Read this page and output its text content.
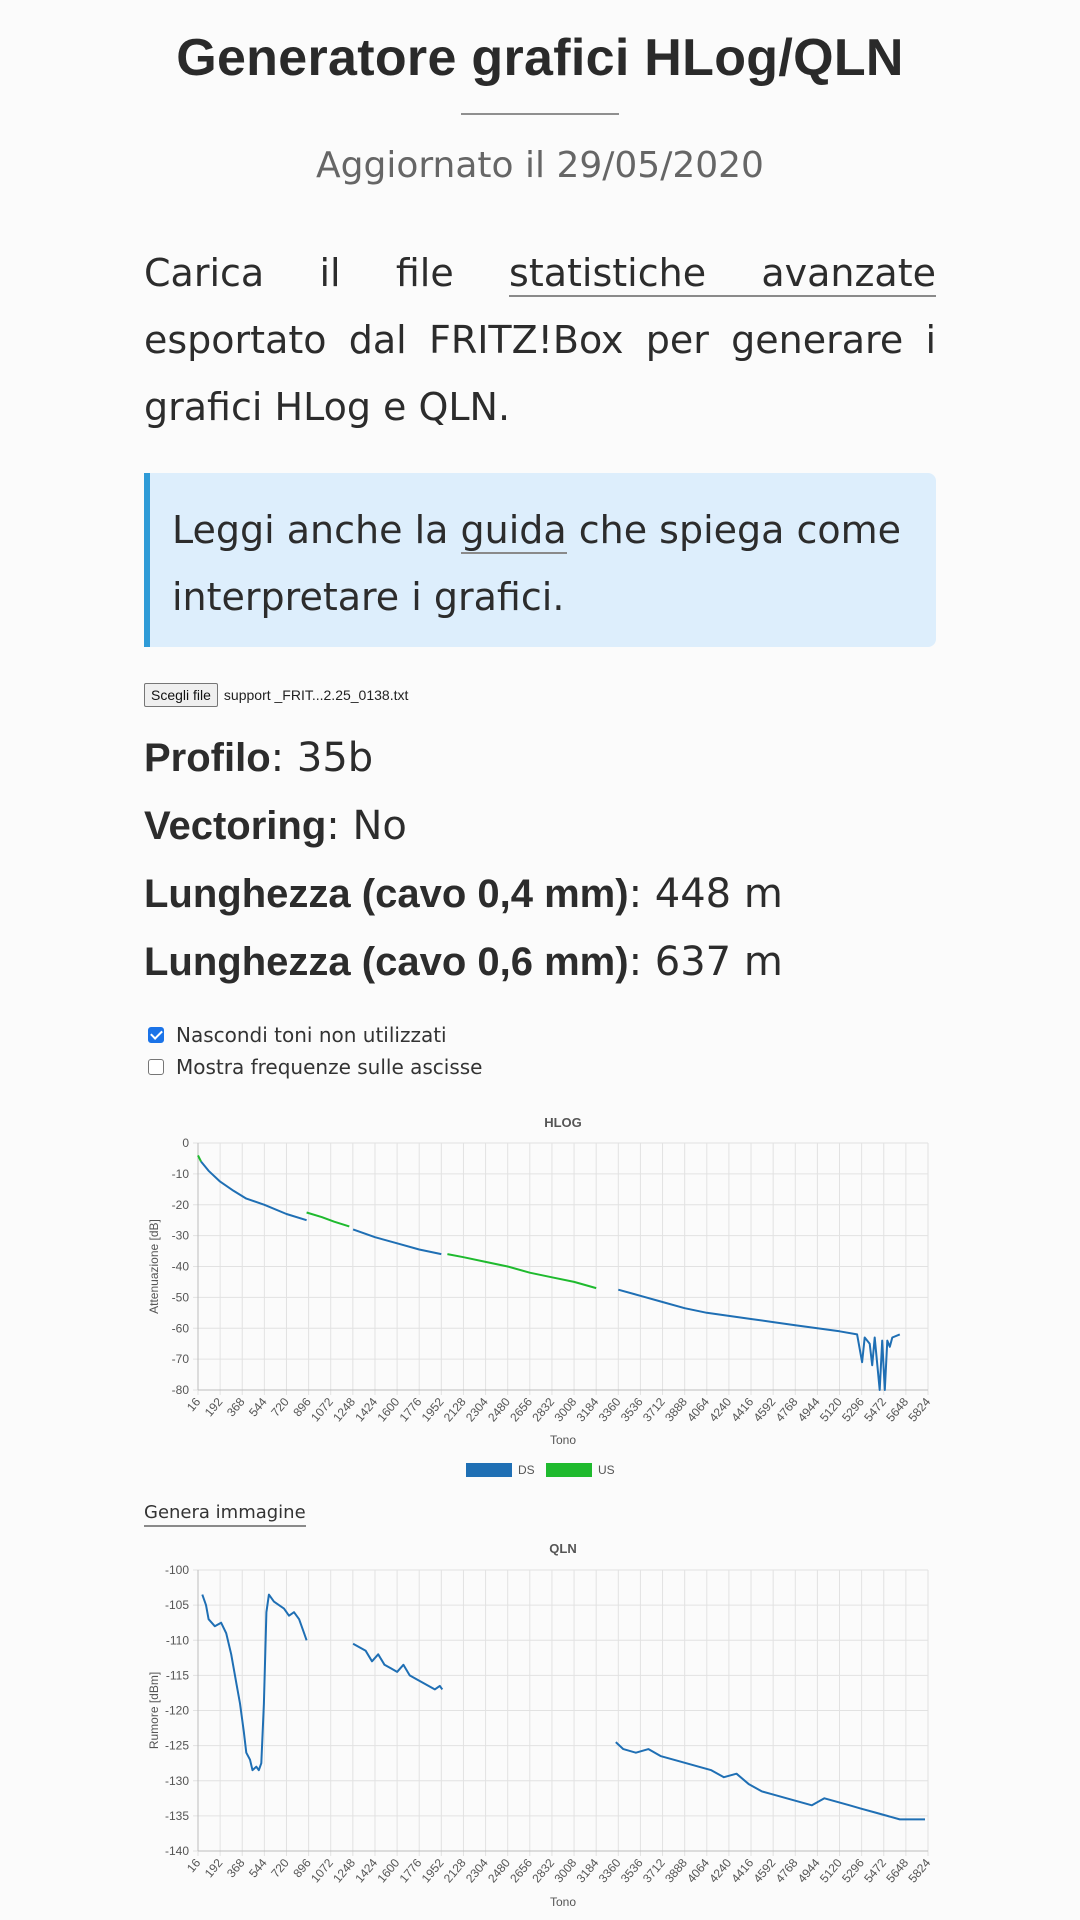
Generatore grafici HLog/QLN
Aggiornato il 29/05/2020
Carica il file statistiche avanzate esportato dal FRITZ!Box per generare i grafici HLog e QLN.
Leggi anche la guida che spiega come interpretare i grafici.
Scegli file support _FRIT...2.25_0138.txt
Profilo: 35b
Vectoring: No
Lunghezza (cavo 0,4 mm): 448 m
Lunghezza (cavo 0,6 mm): 637 m
Nascondi toni non utilizzati
Mostra frequenze sulle ascisse
HLOG
0
-10
-20
-30
-40
-50
-60
-70
-80
16
192
368
544
720
896
1072
1248
1424
1600
1776
1952
2128
2304
2480
2656
2832
3008
3184
3360
3536
3712
3888
4064
4240
4416
4592
4768
4944
5120
5296
5472
5648
5824
Tono
Attenuazione [dB]
DS	US
Genera immagine
QLN
-100
-105
-110
-115
-120
-125
-130
-135
-140
16
192
368
544
720
896
1072
1248
1424
1600
1776
1952
2128
2304
2480
2656
2832
3008
3184
3360
3536
3712
3888
4064
4240
4416
4592
4768
4944
5120
5296
5472
5648
5824
Tono
Rumore [dBm]
